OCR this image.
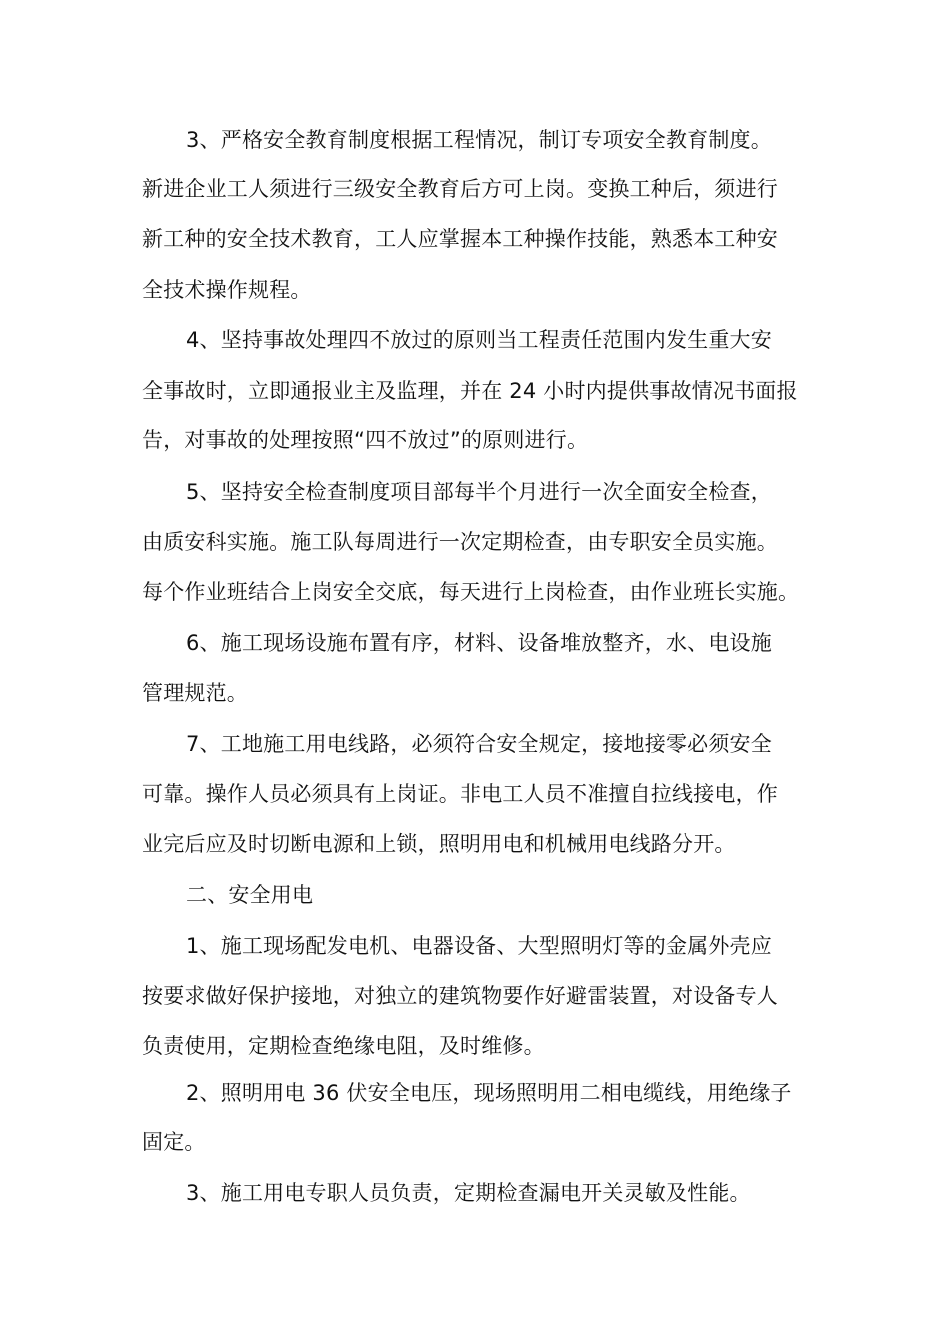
3、严格安全教育制度根据工程情况，制订专项安全教育制度。
新进企业工人须进行三级安全教育后方可上岗。变换工种后，须进行
新工种的安全技术教育，工人应掌握本工种操作技能，熟悉本工种安
全技术操作规程。
4、坚持事故处理四不放过的原则当工程责任范围内发生重大安
全事故时，立即通报业主及监理，并在 24 小时内提供事故情况书面报
告，对事故的处理按照“四不放过”的原则进行。
5、坚持安全检查制度项目部每半个月进行一次全面安全检查，
由质安科实施。施工队每周进行一次定期检查，由专职安全员实施。
每个作业班结合上岗安全交底，每天进行上岗检查，由作业班长实施。
6、施工现场设施布置有序，材料、设备堆放整齐，水、电设施
管理规范。
7、工地施工用电线路，必须符合安全规定，接地接零必须安全
可靠。操作人员必须具有上岗证。非电工人员不准擅自拉线接电，作
业完后应及时切断电源和上锁，照明用电和机械用电线路分开。
二、安全用电
1、施工现场配发电机、电器设备、大型照明灯等的金属外壳应
按要求做好保护接地，对独立的建筑物要作好避雷装置，对设备专人
负责使用，定期检查绝缘电阻，及时维修。
2、照明用电 36 伏安全电压，现场照明用二相电缆线，用绝缘子
固定。
3、施工用电专职人员负责，定期检查漏电开关灵敏及性能。
